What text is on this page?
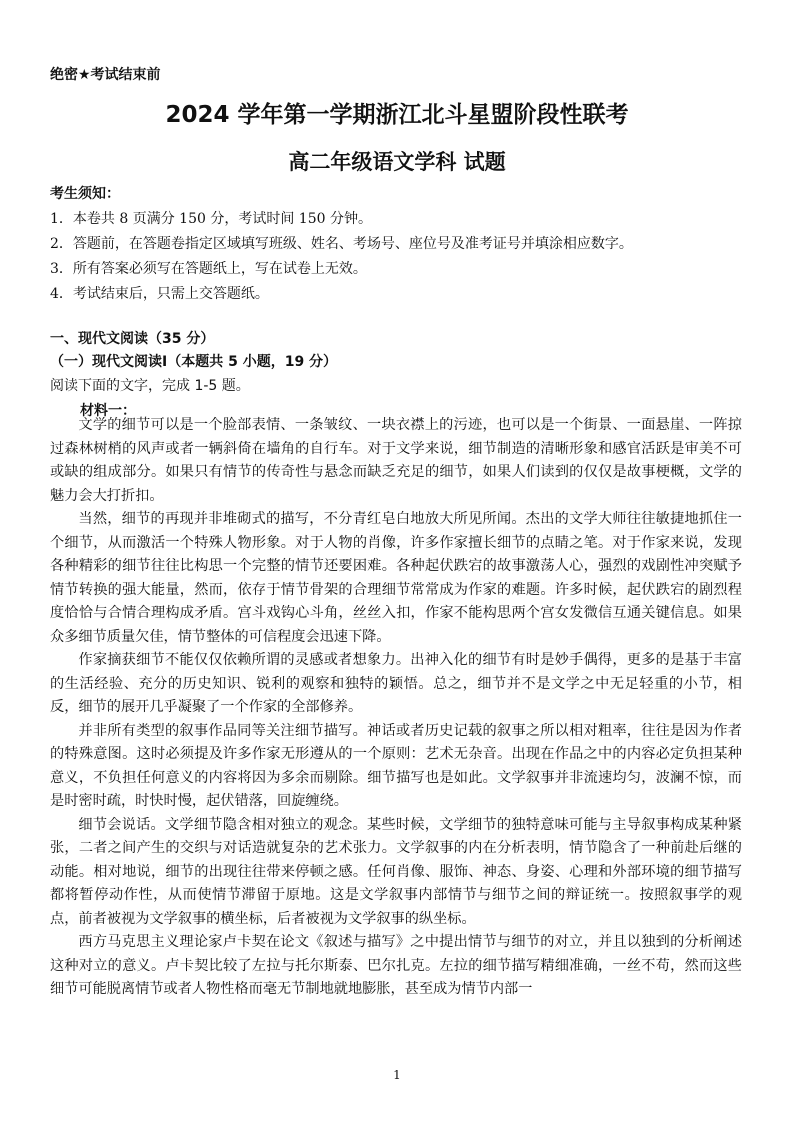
绝密★考试结束前
2024 学年第一学期浙江北斗星盟阶段性联考
高二年级语文学科 试题
考生须知：
1．本卷共 8 页满分 150 分，考试时间 150 分钟。
2．答题前，在答题卷指定区域填写班级、姓名、考场号、座位号及准考证号并填涂相应数字。
3．所有答案必须写在答题纸上，写在试卷上无效。
4．考试结束后，只需上交答题纸。
一、现代文阅读（35 分）
（一）现代文阅读Ⅰ（本题共 5 小题，19 分）
阅读下面的文字，完成 1-5 题。
材料一：

文学的细节可以是一个脸部表情、一条皱纹、一块衣襟上的污迹，也可以是一个街景、一面悬崖、一阵掠过森林树梢的风声或者一辆斜倚在墙角的自行车。对于文学来说，细节制造的清晰形象和感官活跃是审美不可或缺的组成部分。如果只有情节的传奇性与悬念而缺乏充足的细节，如果人们读到的仅仅是故事梗概，文学的魅力会大打折扣。

当然，细节的再现并非堆砌式的描写，不分青红皂白地放大所见所闻。杰出的文学大师往往敏捷地抓住一个细节，从而激活一个特殊人物形象。对于人物的肖像，许多作家擅长细节的点睛之笔。对于作家来说，发现各种精彩的细节往往比构思一个完整的情节还要困难。各种起伏跌宕的故事激荡人心，强烈的戏剧性冲突赋予情节转换的强大能量，然而，依存于情节骨架的合理细节常常成为作家的难题。许多时候，起伏跌宕的剧烈程度恰恰与合情合理构成矛盾。宫斗戏钩心斗角，丝丝入扣，作家不能构思两个宫女发微信互通关键信息。如果众多细节质量欠佳，情节整体的可信程度会迅速下降。

作家摘获细节不能仅仅依赖所谓的灵感或者想象力。出神入化的细节有时是妙手偶得，更多的是基于丰富的生活经验、充分的历史知识、锐利的观察和独特的颖悟。总之，细节并不是文学之中无足轻重的小节，相反，细节的展开几乎凝聚了一个作家的全部修养。

并非所有类型的叙事作品同等关注细节描写。神话或者历史记载的叙事之所以相对粗率，往往是因为作者的特殊意图。这时必须提及许多作家无形遵从的一个原则：艺术无杂音。出现在作品之中的内容必定负担某种意义，不负担任何意义的内容将因为多余而剔除。细节描写也是如此。文学叙事并非流速均匀，波澜不惊，而是时密时疏，时快时慢，起伏错落，回旋缠绕。

细节会说话。文学细节隐含相对独立的观念。某些时候，文学细节的独特意味可能与主导叙事构成某种紧张，二者之间产生的交织与对话造就复杂的艺术张力。文学叙事的内在分析表明，情节隐含了一种前赴后继的动能。相对地说，细节的出现往往带来停顿之感。任何肖像、服饰、神态、身姿、心理和外部环境的细节描写都将暂停动作性，从而使情节滞留于原地。这是文学叙事内部情节与细节之间的辩证统一。按照叙事学的观点，前者被视为文学叙事的横坐标，后者被视为文学叙事的纵坐标。

西方马克思主义理论家卢卡契在论文《叙述与描写》之中提出情节与细节的对立，并且以独到的分析阐述这种对立的意义。卢卡契比较了左拉与托尔斯泰、巴尔扎克。左拉的细节描写精细准确，一丝不苟，然而这些细节可能脱离情节或者人物性格而毫无节制地就地膨胀，甚至成为情节内部一

1
